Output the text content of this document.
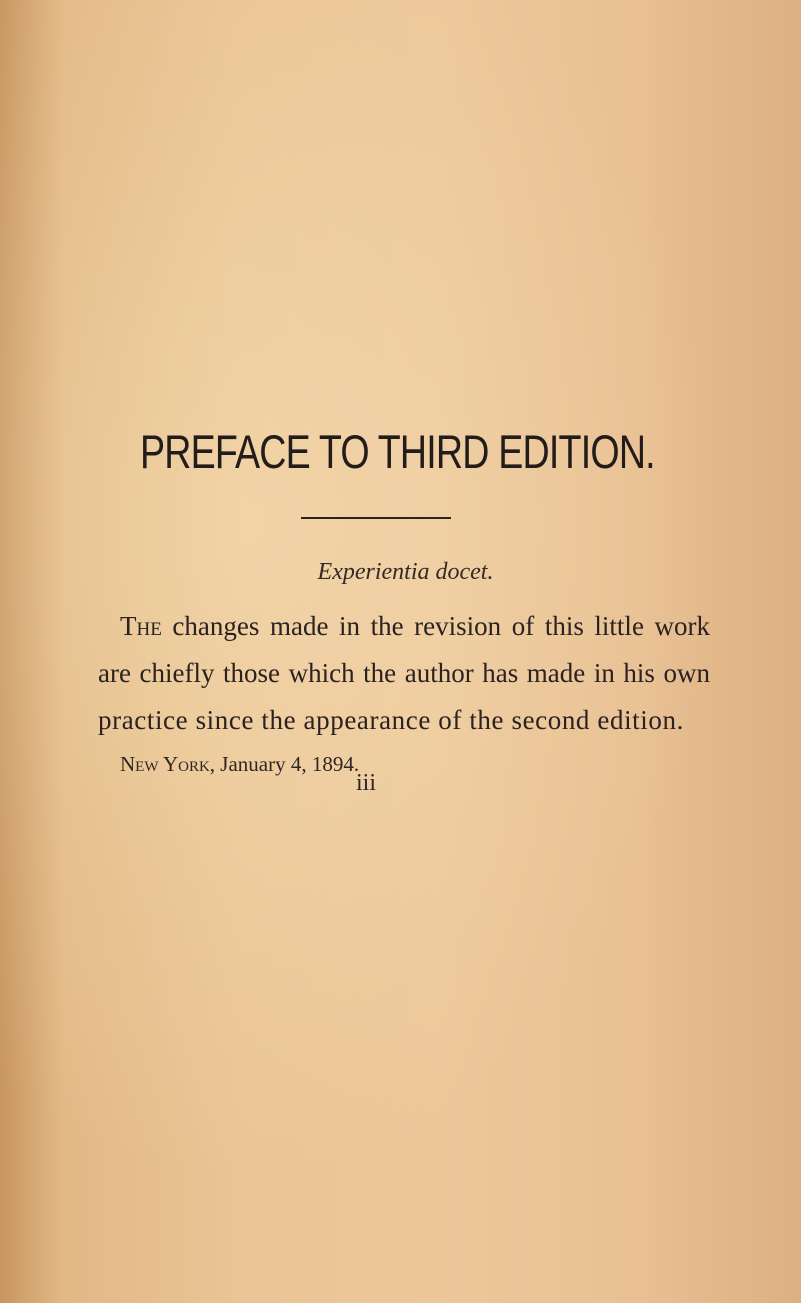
PREFACE TO THIRD EDITION.
Experientia docet.
The changes made in the revision of this little work
are chiefly those which the author has made in his own
practice since the appearance of the second edition.
New York, January 4, 1894.
iii
